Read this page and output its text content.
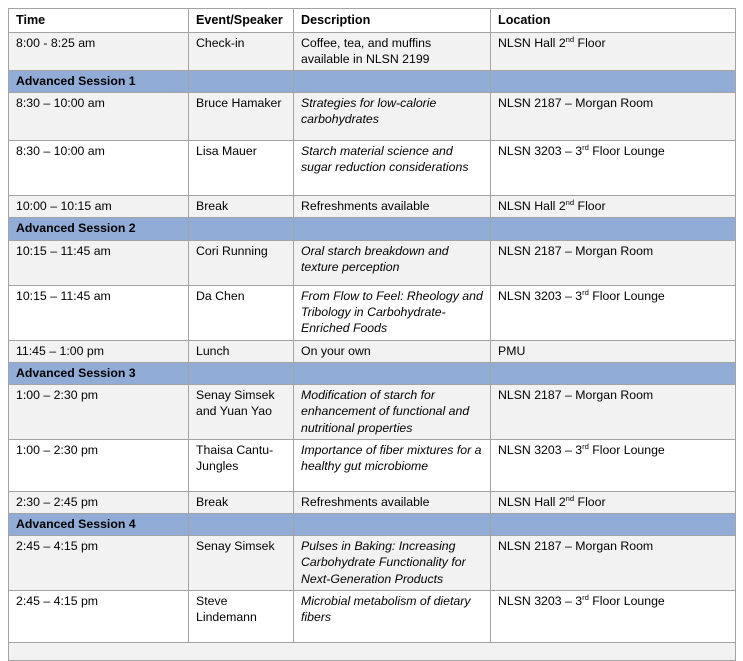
Time	Event/Speaker	Description	Location
8:00 - 8:25 am	Check-in	Coffee, tea, and muffins available in NLSN 2199	NLSN Hall 2nd Floor
Advanced Session 1			
8:30 – 10:00 am	Bruce Hamaker	Strategies for low-calorie carbohydrates	NLSN 2187 – Morgan Room
8:30 – 10:00 am	Lisa Mauer	Starch material science and sugar reduction considerations	NLSN 3203 – 3rd Floor Lounge
10:00 – 10:15 am	Break	Refreshments available	NLSN Hall 2nd Floor
Advanced Session 2			
10:15 – 11:45 am	Cori Running	Oral starch breakdown and texture perception	NLSN 2187 – Morgan Room
10:15 – 11:45 am	Da Chen	From Flow to Feel: Rheology and Tribology in Carbohydrate-Enriched Foods	NLSN 3203 – 3rd Floor Lounge
11:45 – 1:00 pm	Lunch	On your own	PMU
Advanced Session 3			
1:00 – 2:30 pm	Senay Simsek and Yuan Yao	Modification of starch for enhancement of functional and nutritional properties	NLSN 2187 – Morgan Room
1:00 – 2:30 pm	Thaisa Cantu-Jungles	Importance of fiber mixtures for a healthy gut microbiome	NLSN 3203 – 3rd Floor Lounge
2:30 – 2:45 pm	Break	Refreshments available	NLSN Hall 2nd Floor
Advanced Session 4			
2:45 – 4:15 pm	Senay Simsek	Pulses in Baking: Increasing Carbohydrate Functionality for Next-Generation Products	NLSN 2187 – Morgan Room
2:45 – 4:15 pm	Steve Lindemann	Microbial metabolism of dietary fibers	NLSN 3203 – 3rd Floor Lounge
